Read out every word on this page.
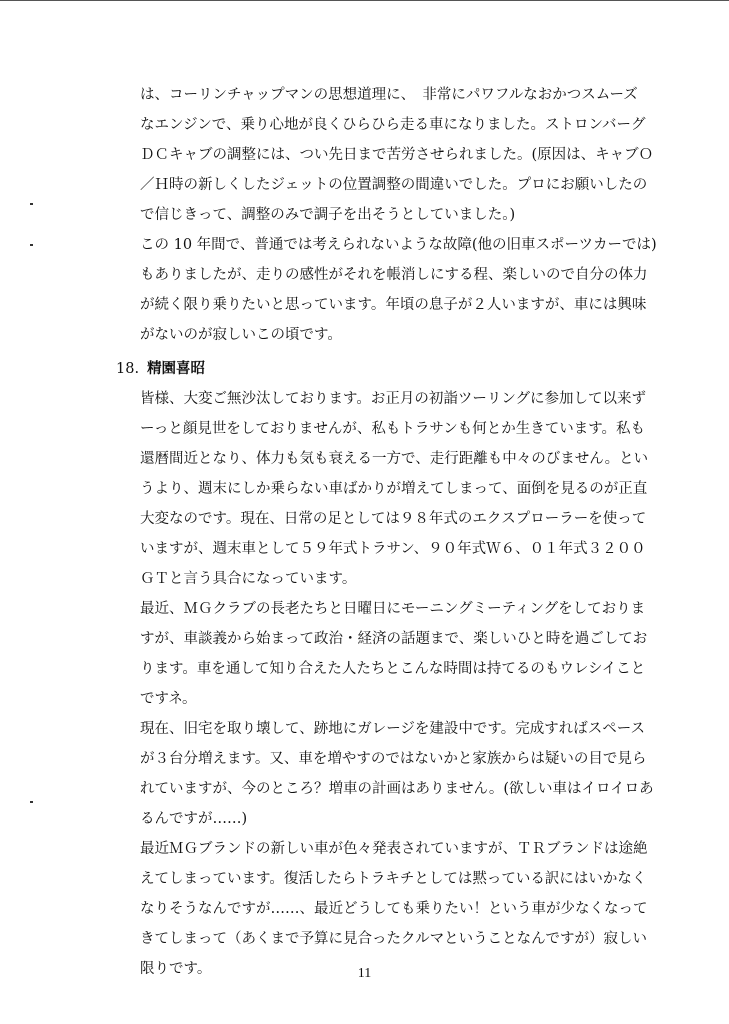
は、コーリンチャップマンの思想道理に、　非常にパワフルなおかつスムーズ
なエンジンで、乗り心地が良くひらひら走る車になりました。ストロンバーグ
ＤＣキャブの調整には、つい先日まで苦労させられました。(原因は、キャブＯ
／Ｈ時の新しくしたジェットの位置調整の間違いでした。プロにお願いしたの
で信じきって、調整のみで調子を出そうとしていました。)
この 10 年間で、普通では考えられないような故障(他の旧車スポーツカーでは)
もありましたが、走りの感性がそれを帳消しにする程、楽しいので自分の体力
が続く限り乗りたいと思っています。年頃の息子が２人いますが、車には興味
がないのが寂しいこの頃です。
18. 精園喜昭
皆様、大変ご無沙汰しております。お正月の初詣ツーリングに参加して以来ず
ーっと顔見世をしておりませんが、私もトラサンも何とか生きています。私も
還暦間近となり、体力も気も衰える一方で、走行距離も中々のびません。とい
うより、週末にしか乗らない車ばかりが増えてしまって、面倒を見るのが正直
大変なのです。現在、日常の足としては９８年式のエクスプローラーを使って
いますが、週末車として５９年式トラサン、９０年式Ｗ６、０１年式３２００
ＧＴと言う具合になっています。
最近、ＭＧクラブの長老たちと日曜日にモーニングミーティングをしておりま
すが、車談義から始まって政治・経済の話題まで、楽しいひと時を過ごしてお
ります。車を通して知り合えた人たちとこんな時間は持てるのもウレシイこと
ですネ。
現在、旧宅を取り壊して、跡地にガレージを建設中です。完成すればスペース
が３台分増えます。又、車を増やすのではないかと家族からは疑いの目で見ら
れていますが、今のところ？増車の計画はありません。(欲しい車はイロイロあ
るんですが……)
最近ＭＧブランドの新しい車が色々発表されていますが、ＴＲブランドは途絶
えてしまっています。復活したらトラキチとしては黙っている訳にはいかなく
なりそうなんですが……、最近どうしても乗りたい！という車が少なくなって
きてしまって（あくまで予算に見合ったクルマということなんですが）寂しい
限りです。	11
